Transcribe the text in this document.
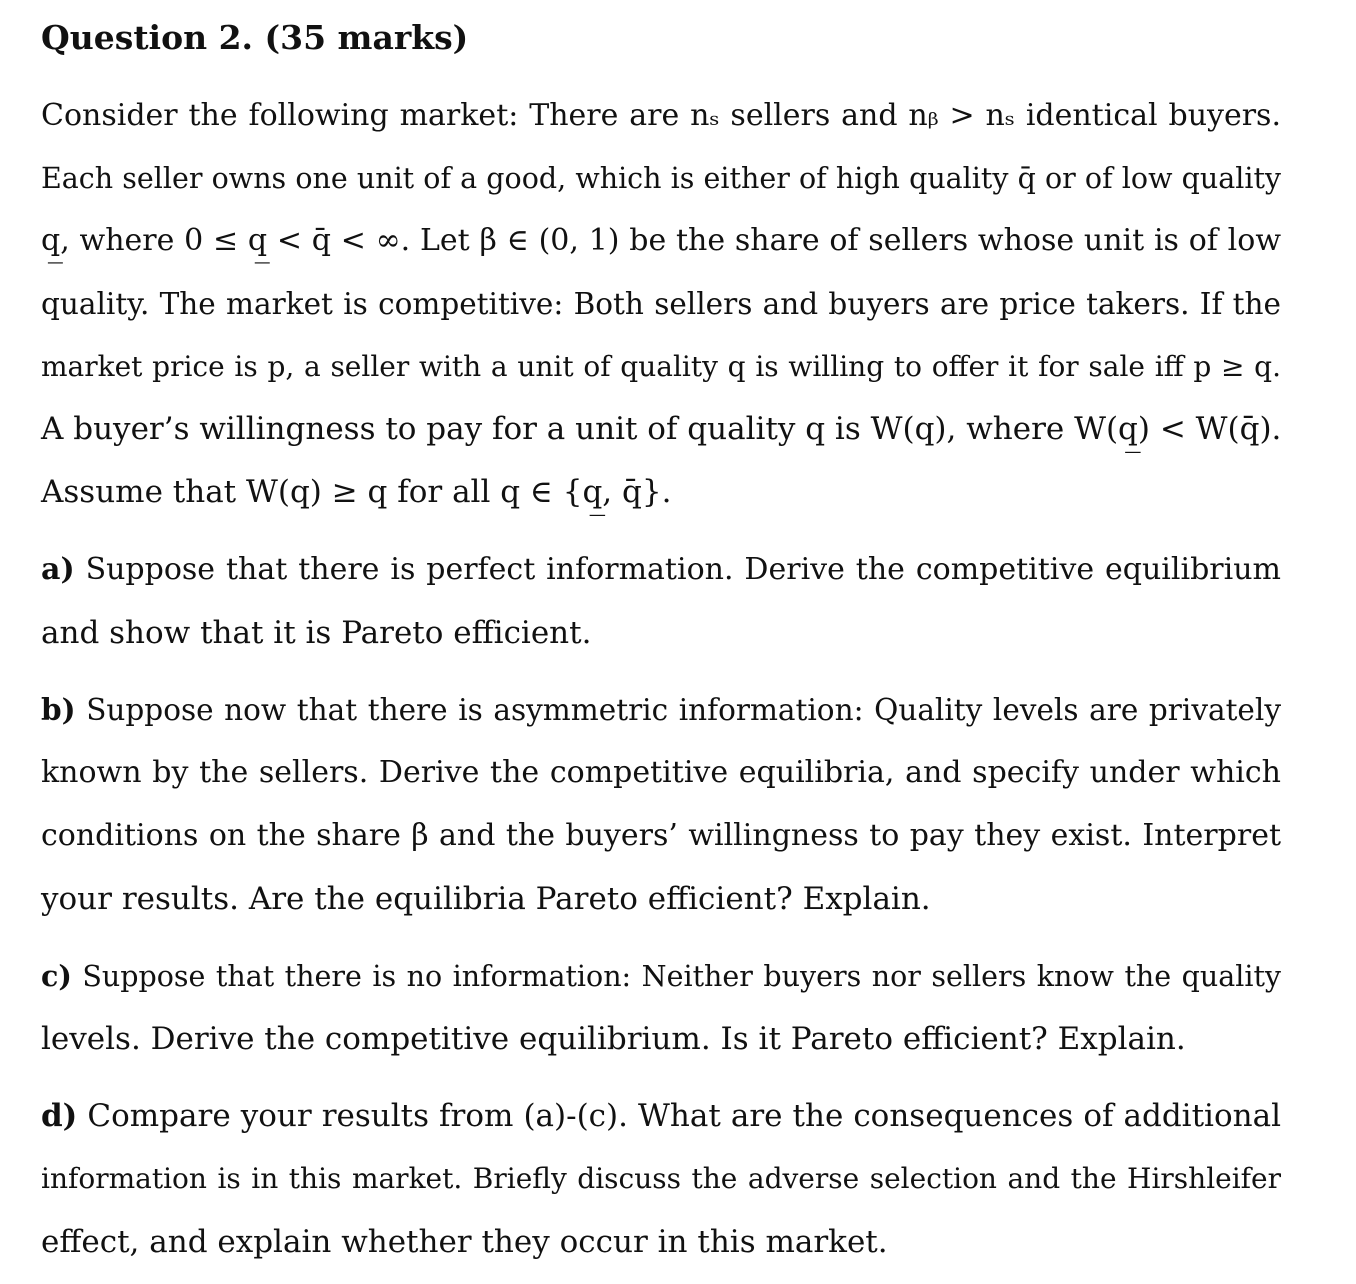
Question 2. (35 marks)
Consider the following market: There are nₛ sellers and nᵦ > nₛ identical buyers.
Each seller owns one unit of a good, which is either of high quality q̄ or of low quality
q̲, where 0 ≤ q̲ < q̄ < ∞. Let β ∈ (0, 1) be the share of sellers whose unit is of low
quality. The market is competitive: Both sellers and buyers are price takers. If the
market price is p, a seller with a unit of quality q is willing to offer it for sale iff p ≥ q.
A buyer’s willingness to pay for a unit of quality q is W(q), where W(q̲) < W(q̄).
Assume that W(q) ≥ q for all q ∈ {q̲, q̄}.
a) Suppose that there is perfect information. Derive the competitive equilibrium
and show that it is Pareto efficient.
b) Suppose now that there is asymmetric information: Quality levels are privately
known by the sellers. Derive the competitive equilibria, and specify under which
conditions on the share β and the buyers’ willingness to pay they exist. Interpret
your results. Are the equilibria Pareto efficient? Explain.
c) Suppose that there is no information: Neither buyers nor sellers know the quality
levels. Derive the competitive equilibrium. Is it Pareto efficient? Explain.
d) Compare your results from (a)-(c). What are the consequences of additional
information is in this market. Briefly discuss the adverse selection and the Hirshleifer
effect, and explain whether they occur in this market.
